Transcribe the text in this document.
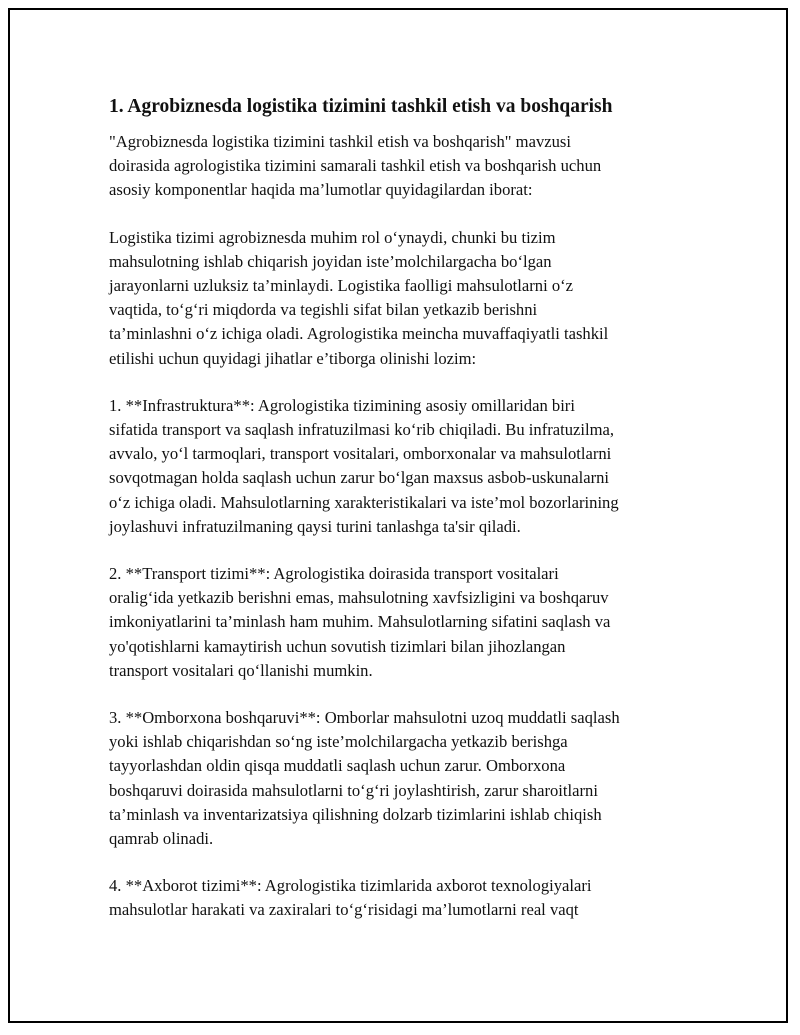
1. Agrobiznesda logistika tizimini tashkil etish va boshqarish
"Agrobiznesda logistika tizimini tashkil etish va boshqarish" mavzusi
doirasida agrologistika tizimini samarali tashkil etish va boshqarish uchun
asosiy komponentlar haqida ma’lumotlar quyidagilardan iborat:
Logistika tizimi agrobiznesda muhim rol o‘ynaydi, chunki bu tizim
mahsulotning ishlab chiqarish joyidan iste’molchilargacha bo‘lgan
jarayonlarni uzluksiz ta’minlaydi. Logistika faolligi mahsulotlarni o‘z
vaqtida, to‘g‘ri miqdorda va tegishli sifat bilan yetkazib berishni
ta’minlashni o‘z ichiga oladi. Agrologistika meincha muvaffaqiyatli tashkil
etilishi uchun quyidagi jihatlar e’tiborga olinishi lozim:
1. **Infrastruktura**: Agrologistika tizimining asosiy omillaridan biri
sifatida transport va saqlash infratuzilmasi ko‘rib chiqiladi. Bu infratuzilma,
avvalo, yo‘l tarmoqlari, transport vositalari, omborxonalar va mahsulotlarni
sovqotmagan holda saqlash uchun zarur bo‘lgan maxsus asbob-uskunalarni
o‘z ichiga oladi. Mahsulotlarning xarakteristikalari va iste’mol bozorlarining
joylashuvi infratuzilmaning qaysi turini tanlashga ta'sir qiladi.
2. **Transport tizimi**: Agrologistika doirasida transport vositalari
oralig‘ida yetkazib berishni emas, mahsulotning xavfsizligini va boshqaruv
imkoniyatlarini ta’minlash ham muhim. Mahsulotlarning sifatini saqlash va
yo'qotishlarni kamaytirish uchun sovutish tizimlari bilan jihozlangan
transport vositalari qo‘llanishi mumkin.
3. **Omborxona boshqaruvi**: Omborlar mahsulotni uzoq muddatli saqlash
yoki ishlab chiqarishdan so‘ng iste’molchilargacha yetkazib berishga
tayyorlashdan oldin qisqa muddatli saqlash uchun zarur. Omborxona
boshqaruvi doirasida mahsulotlarni to‘g‘ri joylashtirish, zarur sharoitlarni
ta’minlash va inventarizatsiya qilishning dolzarb tizimlarini ishlab chiqish
qamrab olinadi.
4. **Axborot tizimi**: Agrologistika tizimlarida axborot texnologiyalari
mahsulotlar harakati va zaxiralari to‘g‘risidagi ma’lumotlarni real vaqt
